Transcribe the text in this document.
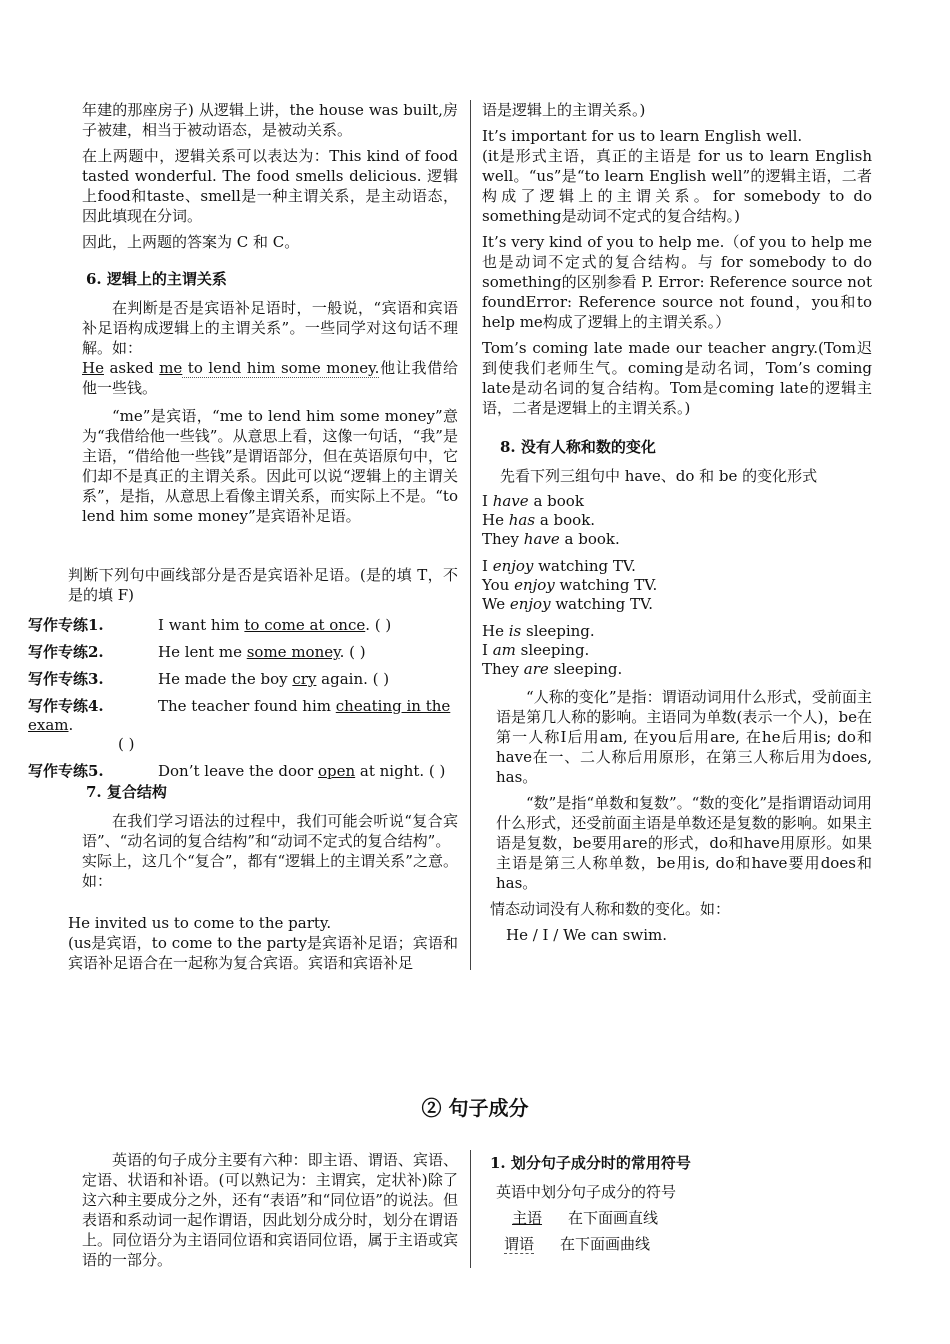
年建的那座房子) 从逻辑上讲，the house was built,房子被建，相当于被动语态，是被动关系。

在上两题中，逻辑关系可以表达为：This kind of food tasted wonderful. The food smells delicious. 逻辑上food和taste、smell是一种主谓关系，是主动语态，因此填现在分词。

因此，上两题的答案为 C 和 C。

6. 逻辑上的主谓关系

在判断是否是宾语补足语时，一般说，“宾语和宾语补足语构成逻辑上的主谓关系”。一些同学对这句话不理解。如：

He asked me to lend him some money.他让我借给他一些钱。

“me”是宾语，“me to lend him some money”意为“我借给他一些钱”。从意思上看，这像一句话，“我”是主语，“借给他一些钱”是谓语部分，但在英语原句中，它们却不是真正的主谓关系。因此可以说“逻辑上的主谓关系”，是指，从意思上看像主谓关系，而实际上不是。“to lend him some money”是宾语补足语。

判断下列句中画线部分是否是宾语补足语。(是的填 T，不是的填 F)

写作专练1.	I want him to come at once. ( )

写作专练2.	He lent me some money. ( )

写作专练3.	He made the boy cry again. ( )

写作专练4.	The teacher found him cheating in the exam.

( )

写作专练5.	Don’t leave the door open at night. ( )

7. 复合结构

在我们学习语法的过程中，我们可能会听说“复合宾语”、“动名词的复合结构”和“动词不定式的复合结构”。

实际上，这几个“复合”，都有“逻辑上的主谓关系”之意。如：

He invited us to come to the party.

(us是宾语，to come to the party是宾语补足语；宾语和宾语补足语合在一起称为复合宾语。宾语和宾语补足

语是逻辑上的主谓关系。)

It’s important for us to learn English well.

(it是形式主语，真正的主语是 for us to learn English well。“us”是“to learn English well”的逻辑主语，二者构成了逻辑上的主谓关系。for somebody to do something是动词不定式的复合结构。)

It’s very kind of you to help me.（of you to help me也是动词不定式的复合结构。与 for somebody to do something的区别参看 P. Error: Reference source not foundError: Reference source not found，you和to help me构成了逻辑上的主谓关系。）

Tom’s coming late made our teacher angry.(Tom迟到使我们老师生气。coming是动名词，Tom’s coming late是动名词的复合结构。Tom是coming late的逻辑主语，二者是逻辑上的主谓关系。)

8. 没有人称和数的变化

先看下列三组句中 have、do 和 be 的变化形式

I have a book

He has a book.

They have a book.

I enjoy watching TV.

You enjoy watching TV.

We enjoy watching TV.

He is sleeping.

I am sleeping.

They are sleeping.

“人称的变化”是指：谓语动词用什么形式，受前面主语是第几人称的影响。主语同为单数(表示一个人)，be在第一人称I后用am, 在you后用are, 在he后用is; do和have在一、二人称后用原形，在第三人称后用为does, has。

“数”是指“单数和复数”。“数的变化”是指谓语动词用什么形式，还受前面主语是单数还是复数的影响。如果主语是复数，be要用are的形式，do和have用原形。如果主语是第三人称单数，be用is, do和have要用does和has。

情态动词没有人称和数的变化。如：

He / I / We can swim.

② 句子成分

英语的句子成分主要有六种：即主语、谓语、宾语、定语、状语和补语。(可以熟记为：主谓宾，定状补)除了这六种主要成分之外，还有“表语”和“同位语”的说法。但表语和系动词一起作谓语，因此划分成分时，划分在谓语上。同位语分为主语同位语和宾语同位语，属于主语或宾语的一部分。

1. 划分句子成分时的常用符号

英语中划分句子成分的符号

主语 在下面画直线

谓语 在下面画曲线
